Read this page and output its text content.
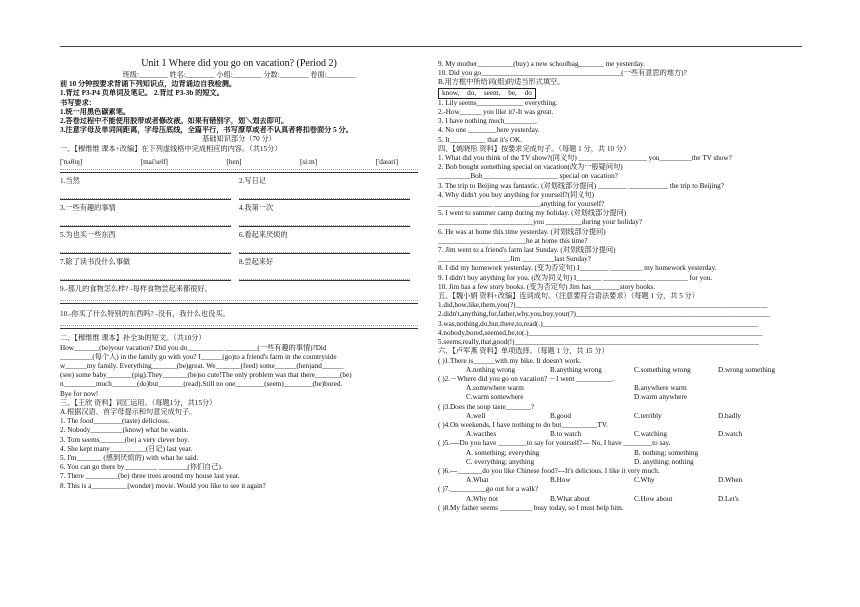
Unit 1 Where did you go on vacation? (Period 2)
班级:________ 姓名:________ 小组:________ 分数:________ 卷面:________
前 10 分钟按要求背诵下列知识点，边背诵边自我检测。
1.背过 P3-P4 页单词及笔记。 2.背过 P3-3b 的短文。
书写要求：
1.统一用黑色碳素笔。
2.答卷过程中不能使用胶带或者修改液。如果有错别字，划＼划去即可。
3.注意字母及单词间距离，字母压底线，全篇平行，书写潦草或者不认真者将扣卷面分 5 分。
基础知识部分（70 分）
一、【穆维维 课本+改编】在下列虚线格中完成相应的内容。（共15分）
['nʌθɪŋ]	[mai'self]	[hen]	[siːm]	['daɪəri]
1.当然	2.写日记
3.一些有趣的事情	4.我第一次
5.为也买一些东西	6.看起来厌烦的
7.除了读书没什么事做	8.尝起来好
9.-那儿的食物怎么样? -每样食物尝起来都很好。
10.-你买了什么特别的东西吗? -没有，我什么也没买。
二、【穆维维 课本】补全3b的短文。（共10分）
How_______(be)your vacation? Did you do__________ _________(一些有趣的事情)?Did
_________(每个人) in the family go with you? I______(go)to a friend's farm in the countryside
w______my family. Everything_______(be)great. We_______(feed) some______(hen)and______
(see) some baby_______(pig).They_______(be)so cute!The only problem was that there_______(be)
n_________much_______(do)but_______(read).Still no one________(seem)________(be)bored.
Bye for now!
三、【王欣 资料】词汇运用。（每题1分，共15分）
A.根据汉语、首字母提示和句意完成句子。
1. The food________(taste) delicious.
2. Nobody_________(know) what he wants.
3. Tom seems_______(be) a very clever boy.
4. She kept many__________(日记) last year.
5. I'm_______ (感到厌烦的) with what he said.
6. You can go there by_________ ________(你们自己).
7. There _________(be) three trees around my house last year.
8. This is a__________(wonder) movie. Would you like to see it again?
9. My mother__________(buy) a new schoolbag_______ me yesterday.
10. Did you go_______________________________________(一些有意思的地方)?
B.用方框中所给词(组)的适当形式填空。
know, do, seem, be, do
1. Lily seems_____________ everything.
2.-How______ you like it?-It was great.
3. I have nothing much_________
4. No one ________here yesterday.
5. It__________ that it's OK.
四、【姚晓彤 资料】按要求完成句子。（每题 1 分，共 10 分）
1. What did you think of the TV show?(同义句) ___________________ you_________the TV show?
2. Bob bought something special on vacation(改为一般疑问句)
_________Bob_____________________ special on vacation?
3. The trip to Beijing was fantastic. (对划线部分提问) ________ ___________ the trip to Beijing?
4. Why didn't you buy anything for yourself?(同义句)
_______________ _____________anything for yourself?
5. I went to summer camp during my holiday. (对划线部分提问)
______________ ____________you __________during your holiday?
6. He was at home this time yesterday. (对划线部分提问)
_______________ _________he at home this time?
7. Jim went to a friend's farm last Sunday. (对划线部分提问)
____________________Jim _________last Sunday?
8. I did my homework yesterday. (变为否定句) I________ _________ my homework yesterday.
9. I didn't buy anything for you. (改为同义句) I_______ ____________ ___________ for you.
10. Jim has a few story books. (变为否定句) Jim has________story books.
五、【魏小娟 资料+改编】连词成句。（注意要符合语法要求）（每题 1 分，共 5 分）
1.did,how,like,them,you(?)______________________________________________________________________
2.didn't,anything,for,father,why,you,buy,your(?)______________________________________________________
3.was,nothing,do,but,there,to,read(.)____________________________________________________________
4.nobody,bored,seemed,be,to(.)_________________________________________________________________
5.seems,really,that,good(!)____________________________________________________________________
六、【卢军燕 资料】单项选择。（每题 1 分，共 15 分）
( )1.There is______with my bike. It doesn't work.
A.nothing wrong	B.anything wrong	C.something wrong	D.wrong something
( )2.－Where did you go on vacation? －I went __________.
A.somewhere warm	B.anywhere warm
C.warm somewhere	D.warm anywhere
( )3.Does the soup taste_______?
A.well	B.good	C.terribly	D.badly
( )4.On weekends, I have nothing to do but__________TV.
A.wacthes	B.to watch	C.watching	D.watch
( )5.----Do you have ________to say for yourself?--- No, I have ________to say.
A. something; everything	B. nothing; something
C. everything; anything	D. anything; nothing
( )6.---_______do you like Chinese food?---It's delicious. I like it very much.
A.What	B.How	C.Why	D.When
( )7.__________go out for a walk?
A.Why not	B.What about	C.How about	D.Let's
( )8.My father seems _________ busy today, so I must help him.
